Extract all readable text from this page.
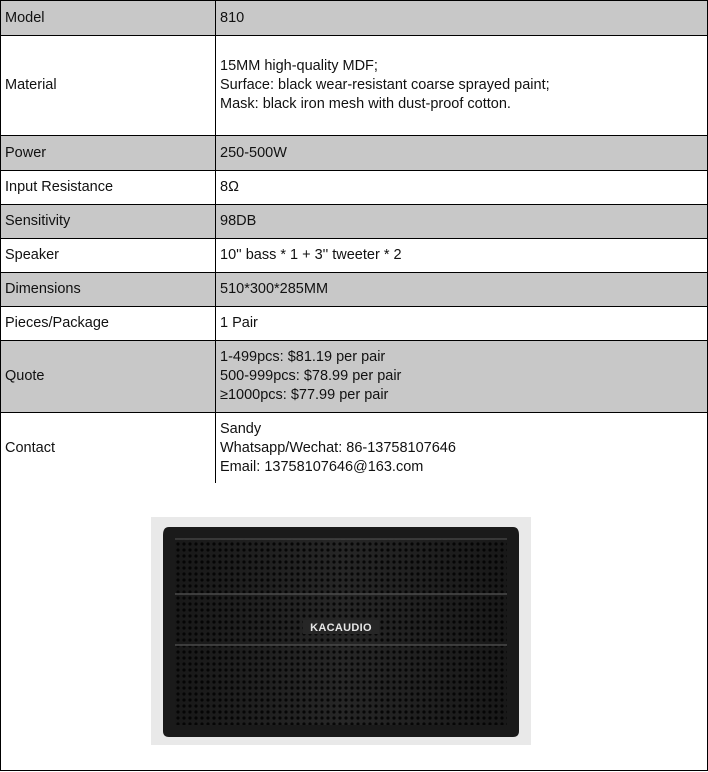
Model	810

Material	15MM high-quality MDF;
Surface: black wear-resistant coarse sprayed paint;
Mask: black iron mesh with dust-proof cotton.

Power	250-500W

Input Resistance	8Ω

Sensitivity	98DB

Speaker	10'' bass * 1 + 3'' tweeter * 2

Dimensions	510*300*285MM

Pieces/Package	1 Pair

Quote	1-499pcs: $81.19 per pair
500-999pcs: $78.99 per pair
≥1000pcs: $77.99 per pair

Contact	Sandy
Whatsapp/Wechat: 86-13758107646
Email: 13758107646@163.com
KACAUDIO
